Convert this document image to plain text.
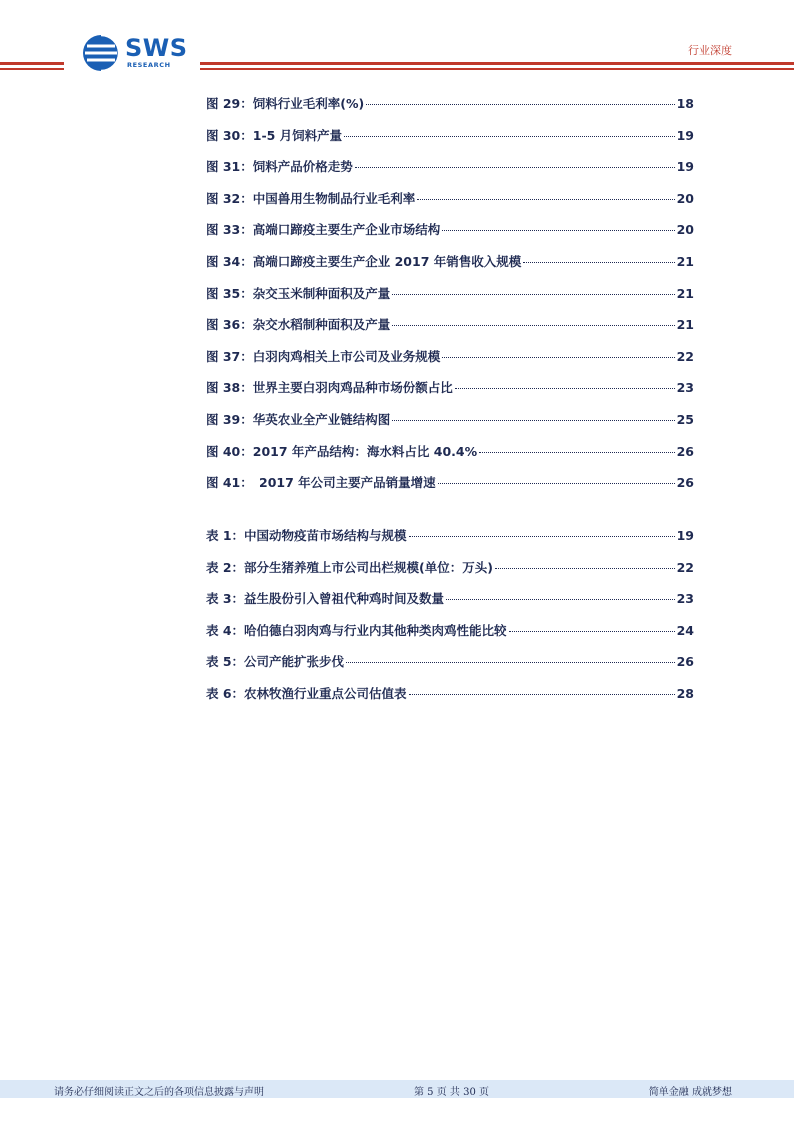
SWS
RESEARCH
行业深度
图 29：饲料行业毛利率(%)	18
图 30：1-5 月饲料产量	19
图 31：饲料产品价格走势	19
图 32：中国兽用生物制品行业毛利率	20
图 33：高端口蹄疫主要生产企业市场结构	20
图 34：高端口蹄疫主要生产企业 2017 年销售收入规模	21
图 35：杂交玉米制种面积及产量	21
图 36：杂交水稻制种面积及产量	21
图 37：白羽肉鸡相关上市公司及业务规模	22
图 38：世界主要白羽肉鸡品种市场份额占比	23
图 39：华英农业全产业链结构图	25
图 40：2017 年产品结构：海水料占比 40.4%	26
图 41：　2017 年公司主要产品销量增速	26
表 1：中国动物疫苗市场结构与规模	19
表 2：部分生猪养殖上市公司出栏规模(单位：万头)	22
表 3：益生股份引入曾祖代种鸡时间及数量	23
表 4：哈伯德白羽肉鸡与行业内其他种类肉鸡性能比较	24
表 5：公司产能扩张步伐	26
表 6：农林牧渔行业重点公司估值表	28
请务必仔细阅读正文之后的各项信息披露与声明	第 5 页 共 30 页	简单金融 成就梦想
